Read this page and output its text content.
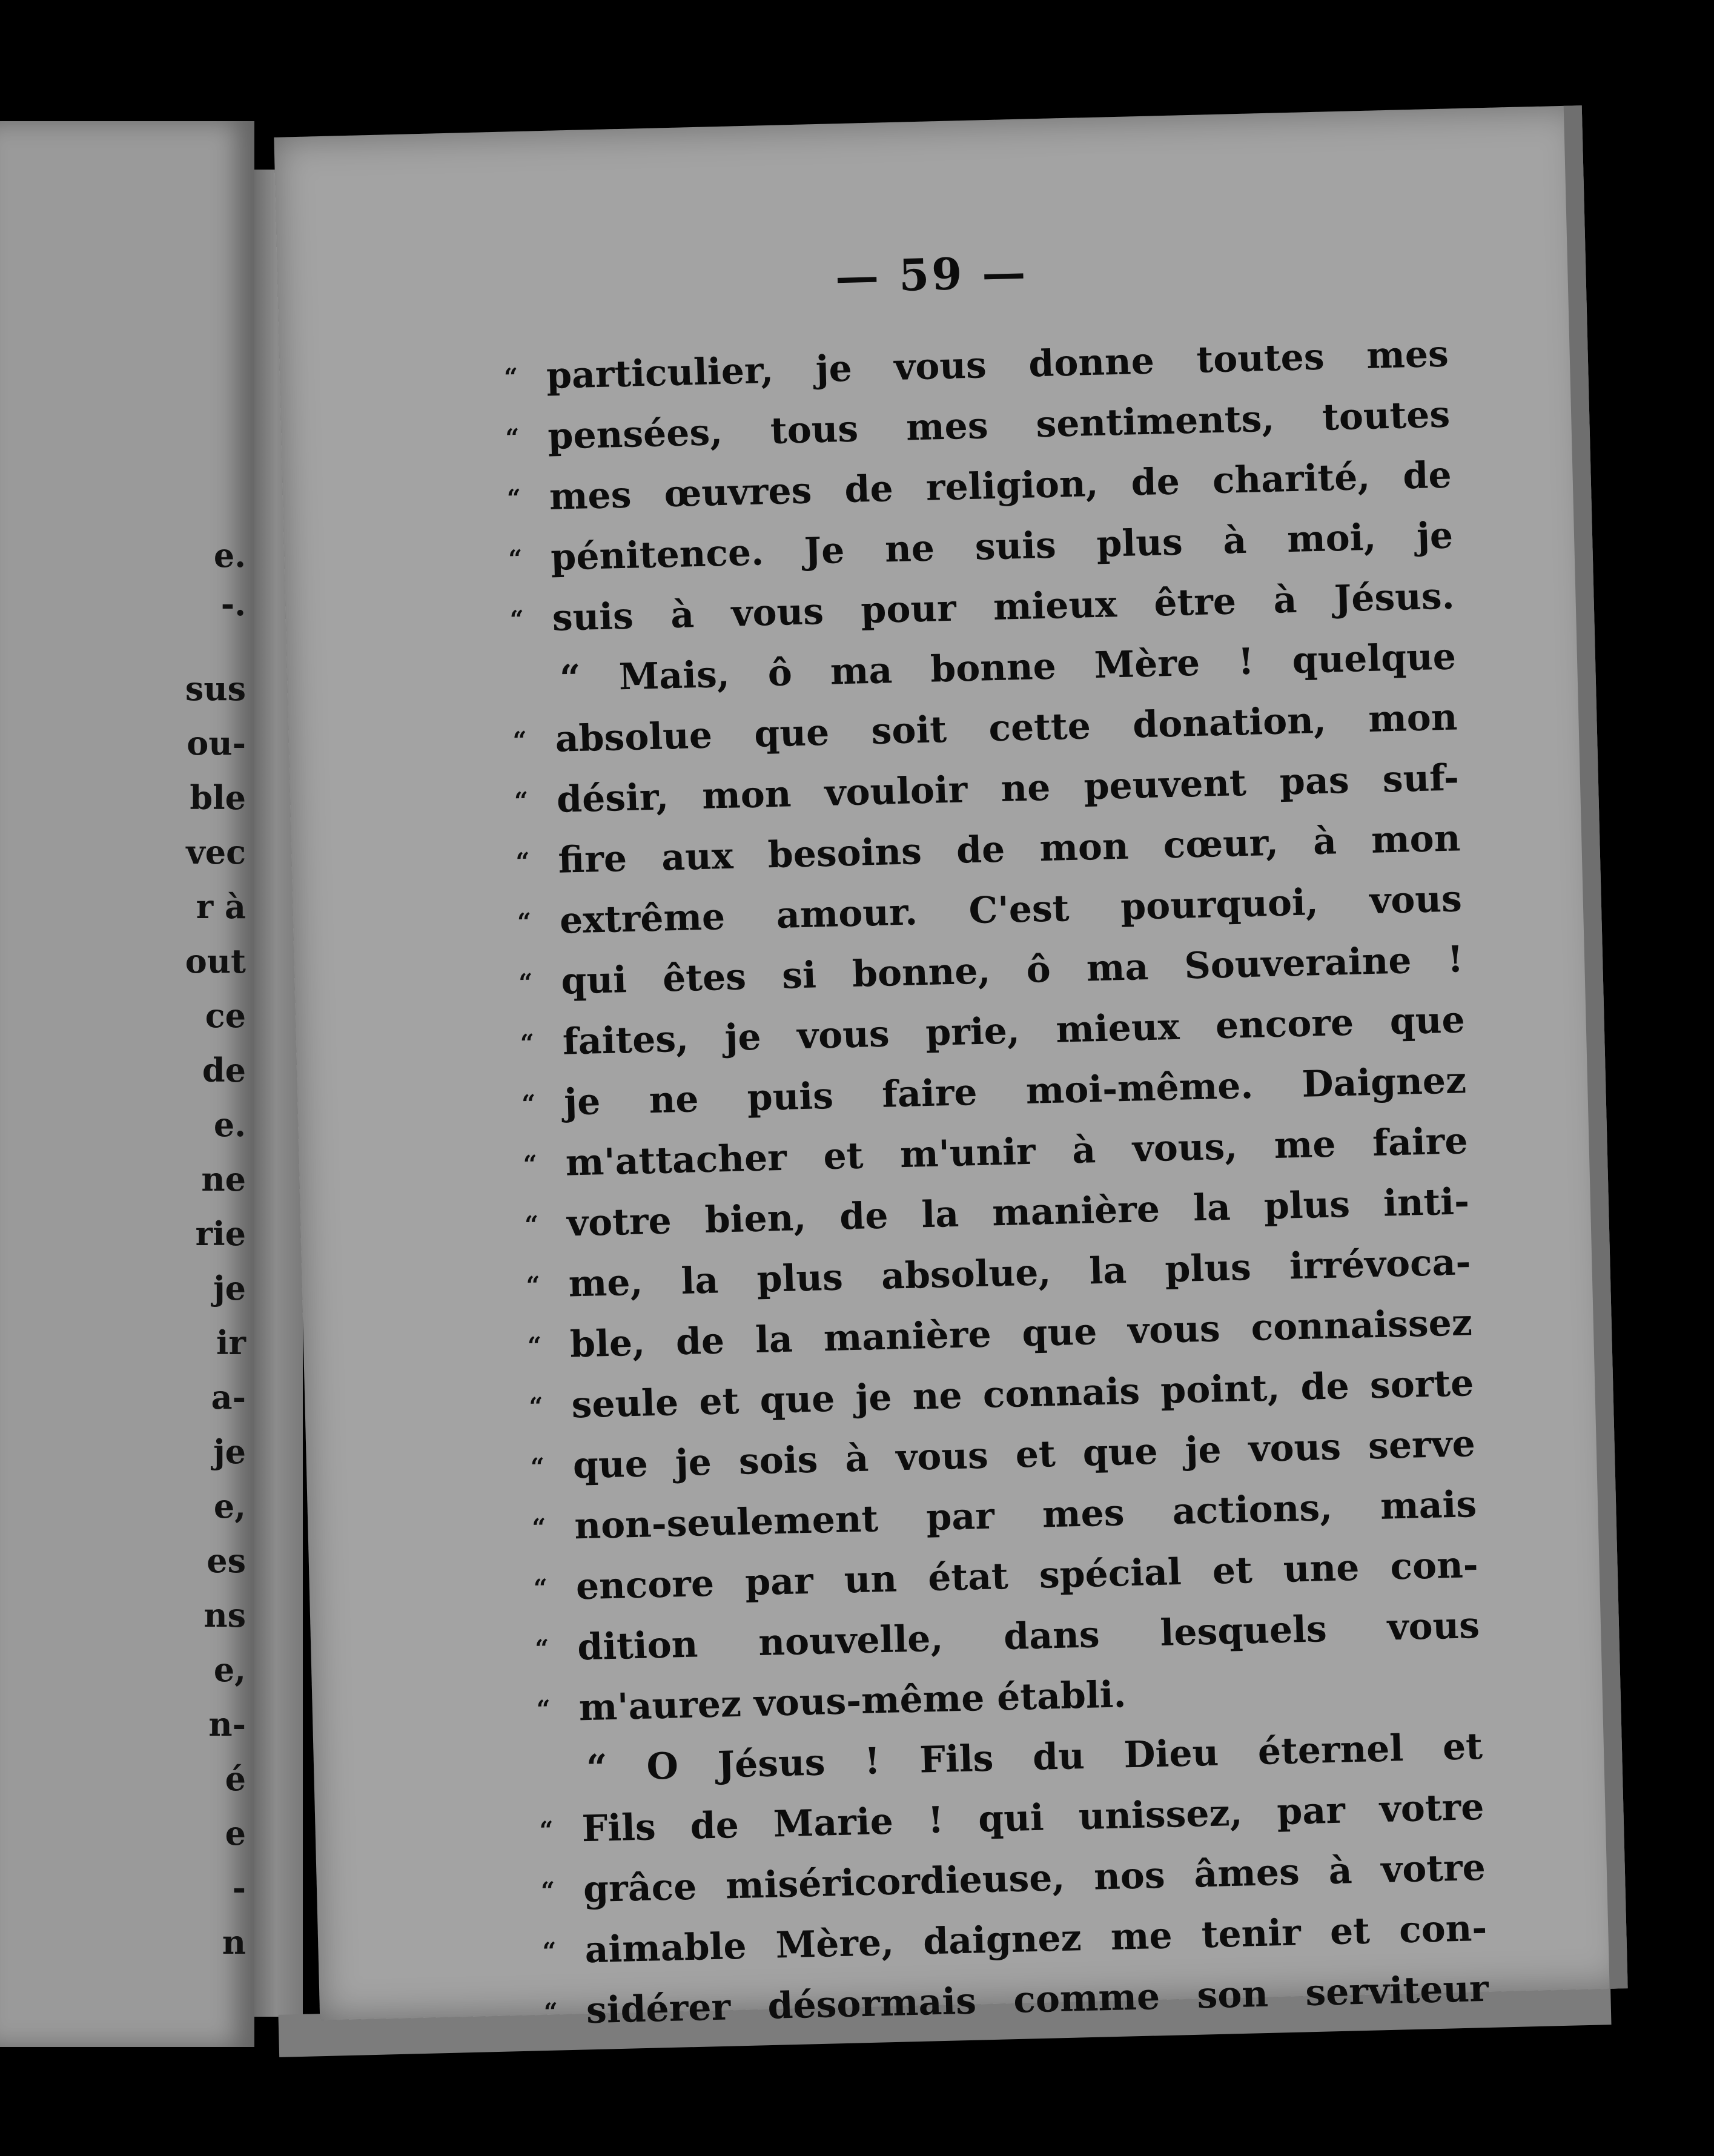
e.
-.
sus
ou-
ble
vec
r à
out
ce
de
e.
ne
rie
je
ir
a-
je
e,
es
ns
e,
n-
é
e
-
n
— 59 —
“ particulier, je vous donne toutes mes
“ pensées, tous mes sentiments, toutes
“ mes œuvres de religion, de charité, de
“ pénitence. Je ne suis plus à moi, je
“ suis à vous pour mieux être à Jésus.
“ Mais, ô ma bonne Mère ! quelque
“ absolue que soit cette donation, mon
“ désir, mon vouloir ne peuvent pas suf-
“ fire aux besoins de mon cœur, à mon
“ extrême amour. C'est pourquoi, vous
“ qui êtes si bonne, ô ma Souveraine !
“ faites, je vous prie, mieux encore que
“ je ne puis faire moi-même. Daignez
“ m'attacher et m'unir à vous, me faire
“ votre bien, de la manière la plus inti-
“ me, la plus absolue, la plus irrévoca-
“ ble, de la manière que vous connaissez
“ seule et que je ne connais point, de sorte
“ que je sois à vous et que je vous serve
“ non-seulement par mes actions, mais
“ encore par un état spécial et une con-
“ dition nouvelle, dans lesquels vous
“ m'aurez vous-même établi.
“ O Jésus ! Fils du Dieu éternel et
“ Fils de Marie ! qui unissez, par votre
“ grâce miséricordieuse, nos âmes à votre
“ aimable Mère, daignez me tenir et con-
“ sidérer désormais comme son serviteur
